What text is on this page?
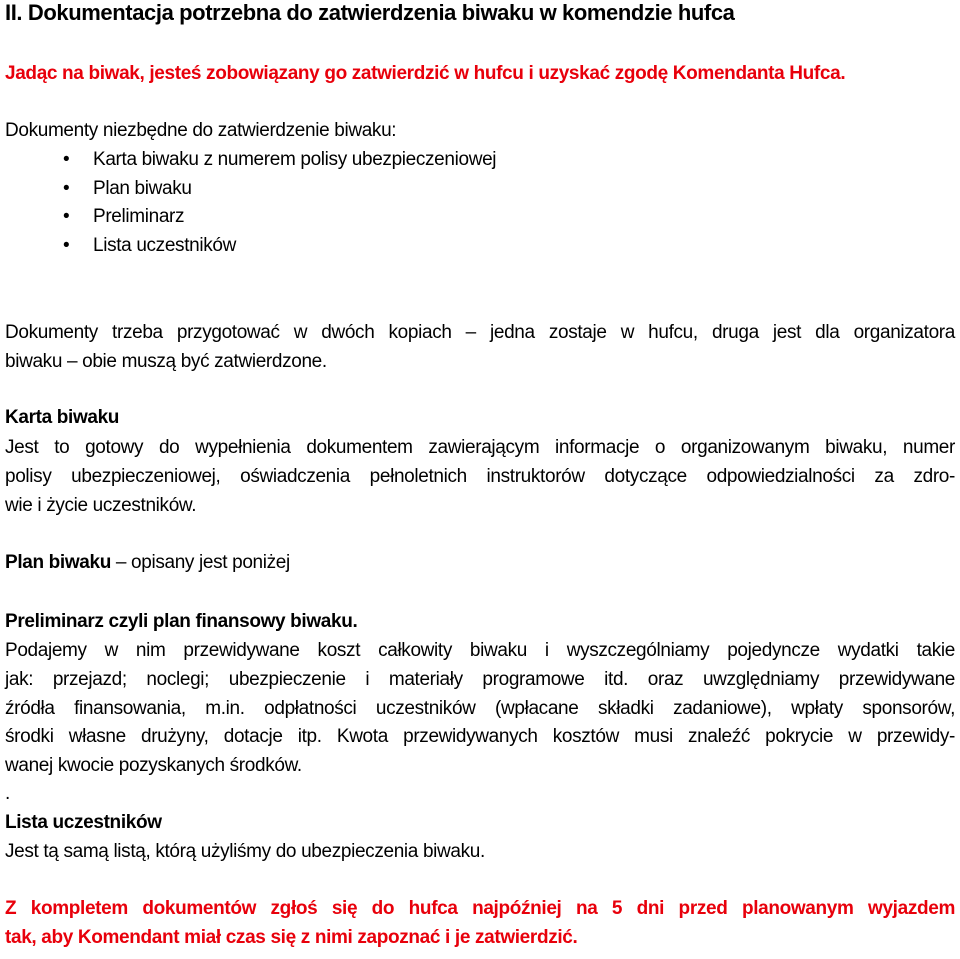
II. Dokumentacja potrzebna do zatwierdzenia biwaku w komendzie hufca
Jadąc na biwak, jesteś zobowiązany go zatwierdzić w hufcu i uzyskać zgodę Komendanta Hufca.
Dokumenty niezbędne do zatwierdzenie biwaku:
• Karta biwaku z numerem polisy ubezpieczeniowej
• Plan biwaku
• Preliminarz
• Lista uczestników
Dokumenty trzeba przygotować w dwóch kopiach – jedna zostaje w hufcu, druga jest dla organizatora
biwaku – obie muszą być zatwierdzone.
Karta biwaku
Jest to gotowy do wypełnienia dokumentem zawierającym informacje o organizowanym biwaku, numer
polisy ubezpieczeniowej, oświadczenia pełnoletnich instruktorów dotyczące odpowiedzialności za zdro-
wie i życie uczestników.
Plan biwaku – opisany jest poniżej
Preliminarz czyli plan finansowy biwaku.
Podajemy w nim przewidywane koszt całkowity biwaku i wyszczególniamy pojedyncze wydatki takie
jak: przejazd; noclegi; ubezpieczenie i materiały programowe itd. oraz uwzględniamy przewidywane
źródła finansowania, m.in. odpłatności uczestników (wpłacane składki zadaniowe), wpłaty sponsorów,
środki własne drużyny, dotacje itp. Kwota przewidywanych kosztów musi znaleźć pokrycie w przewidy-
wanej kwocie pozyskanych środków.
.
Lista uczestników
Jest tą samą listą, którą użyliśmy do ubezpieczenia biwaku.
Z kompletem dokumentów zgłoś się do hufca najpóźniej na 5 dni przed planowanym wyjazdem
tak, aby Komendant miał czas się z nimi zapoznać i je zatwierdzić.
